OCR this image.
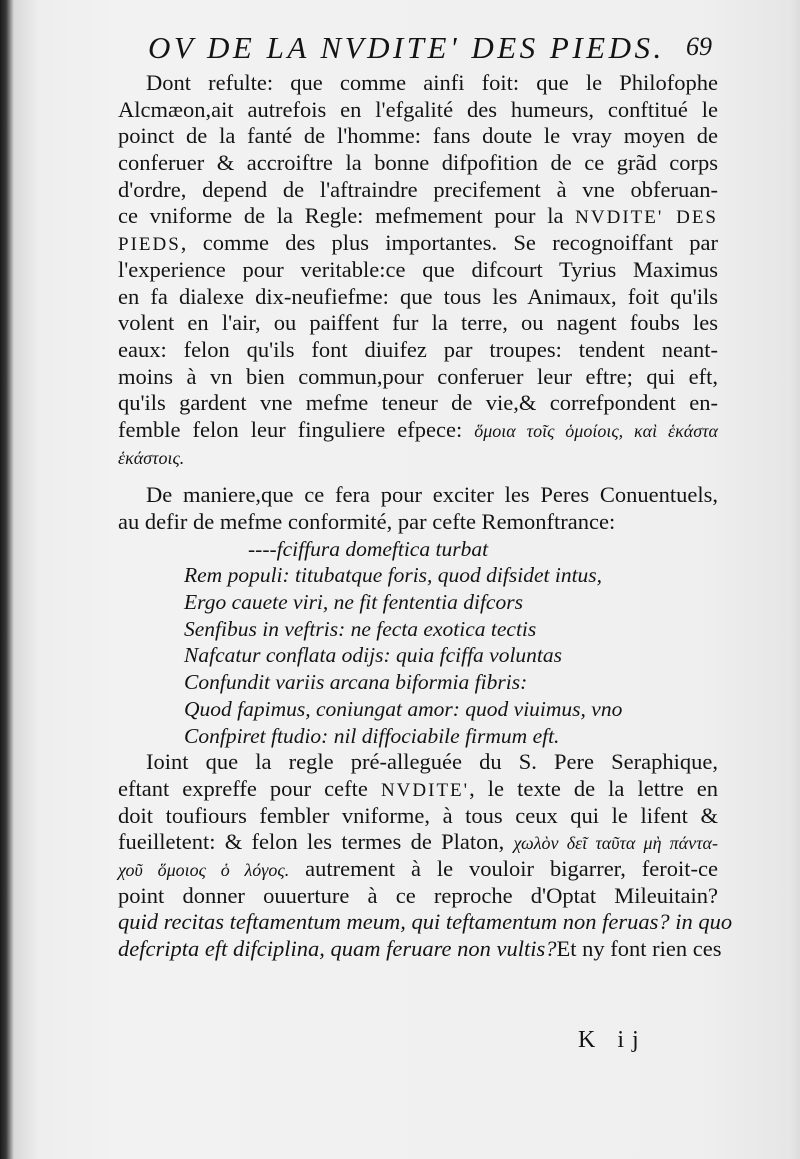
OV DE LA NVDITE' DES PIEDS. 69
Dont refulte: que comme ainfi foit: que le Philofophe
Alcmæon,ait autrefois en l'efgalité des humeurs, conftitué le
poinct de la fanté de l'homme: fans doute le vray moyen de
conferuer & accroiftre la bonne difpofition de ce grãd corps
d'ordre, depend de l'aftraindre precifement à vne obferuan-
ce vniforme de la Regle: mefmement pour la NVDITE' DES
PIEDS, comme des plus importantes. Se recognoiffant par
l'experience pour veritable:ce que difcourt Tyrius Maximus
en fa dialexe dix-neufiefme: que tous les Animaux, foit qu'ils
volent en l'air, ou paiffent fur la terre, ou nagent foubs les
eaux: felon qu'ils font diuifez par troupes: tendent neant-
moins à vn bien commun,pour conferuer leur eftre; qui eft,
qu'ils gardent vne mefme teneur de vie,& correfpondent en-
femble felon leur finguliere efpece: ὅμοια τοῖς ὁμοίοις, καὶ ἑκάστα
ἑκάστοις.
De maniere,que ce fera pour exciter les Peres Conuentuels,
au defir de mefme conformité, par cefte Remonftrance:
----fciffura domeftica turbat
Rem populi: titubatque foris, quod difsidet intus,
Ergo cauete viri, ne fit fententia difcors
Senfibus in veftris: ne fecta exotica tectis
Nafcatur conflata odijs: quia fciffa voluntas
Confundit variis arcana biformia fibris:
Quod fapimus, coniungat amor: quod viuimus, vno
Confpiret ftudio: nil diffociabile firmum eft.
Ioint que la regle pré-alleguée du S. Pere Seraphique,
eftant expreffe pour cefte NVDITE', le texte de la lettre en
doit toufiours fembler vniforme, à tous ceux qui le lifent &
fueilletent: & felon les termes de Platon, χωλὸν δεῖ ταῦτα μὴ πάντα-
χοῦ ὅμοιος ὁ λόγος. autrement à le vouloir bigarrer, feroit-ce
point donner ouuerture à ce reproche d'Optat Mileuitain?
quid recitas teftamentum meum, qui teftamentum non feruas? in quo
defcripta eft difciplina, quam feruare non vultis?Et ny font rien ces
K ij
